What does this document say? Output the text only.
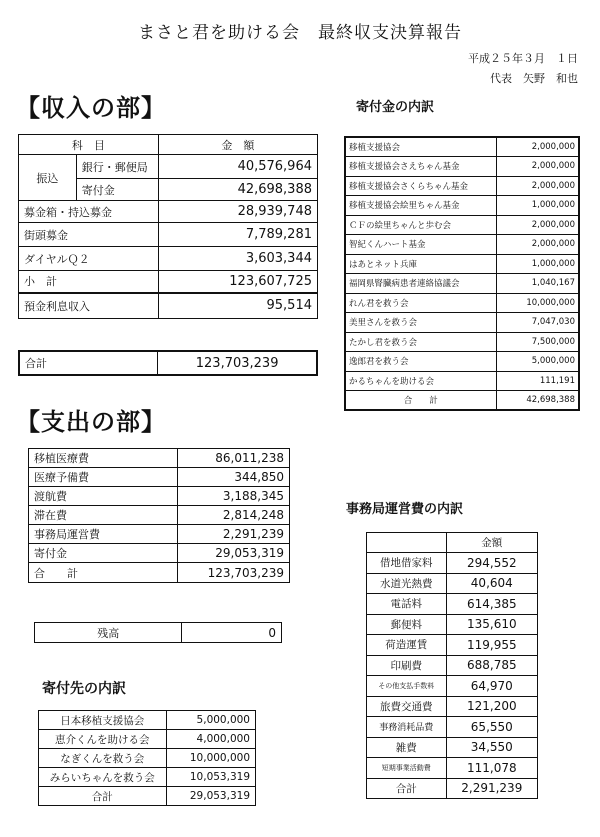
まさと君を助ける会　最終収支決算報告
平成２５年３月　１日
代表　矢野　和也
【収入の部】
科　目		金　額
振込	銀行・郵便局	40,576,964
	寄付金	42,698,388
募金箱・持込募金		28,939,748
街頭募金		7,789,281
ダイヤルＱ２		3,603,344
小　計		123,607,725
預金利息収入		95,514
合計	123,703,239
【支出の部】
移植医療費	86,011,238
医療予備費	344,850
渡航費	3,188,345
滞在費	2,814,248
事務局運営費	2,291,239
寄付金	29,053,319
合　　計	123,703,239
残高	0
寄付先の内訳
日本移植支援協会	5,000,000
恵介くんを助ける会	4,000,000
なぎくんを救う会	10,000,000
みらいちゃんを救う会	10,053,319
合計	29,053,319
寄付金の内訳
移植支援協会	2,000,000
移植支援協会さえちゃん基金	2,000,000
移植支援協会さくらちゃん基金	2,000,000
移植支援協会絵里ちゃん基金	1,000,000
ＣＦの絵里ちゃんと歩む会	2,000,000
智紀くんハート基金	2,000,000
はあとネット兵庫	1,000,000
福岡県腎臓病患者連絡協議会	1,040,167
れん君を救う会	10,000,000
美里さんを救う会	7,047,030
たかし君を救う会	7,500,000
逸郎君を救う会	5,000,000
かるちゃんを助ける会	111,191
合　　計	42,698,388
事務局運営費の内訳
	金額
借地借家料	294,552
水道光熱費	40,604
電話料	614,385
郵便料	135,610
荷造運賃	119,955
印刷費	688,785
その他支払手数料	64,970
旅費交通費	121,200
事務消耗品費	65,550
雑費	34,550
短期事業活動費	111,078
合計	2,291,239
